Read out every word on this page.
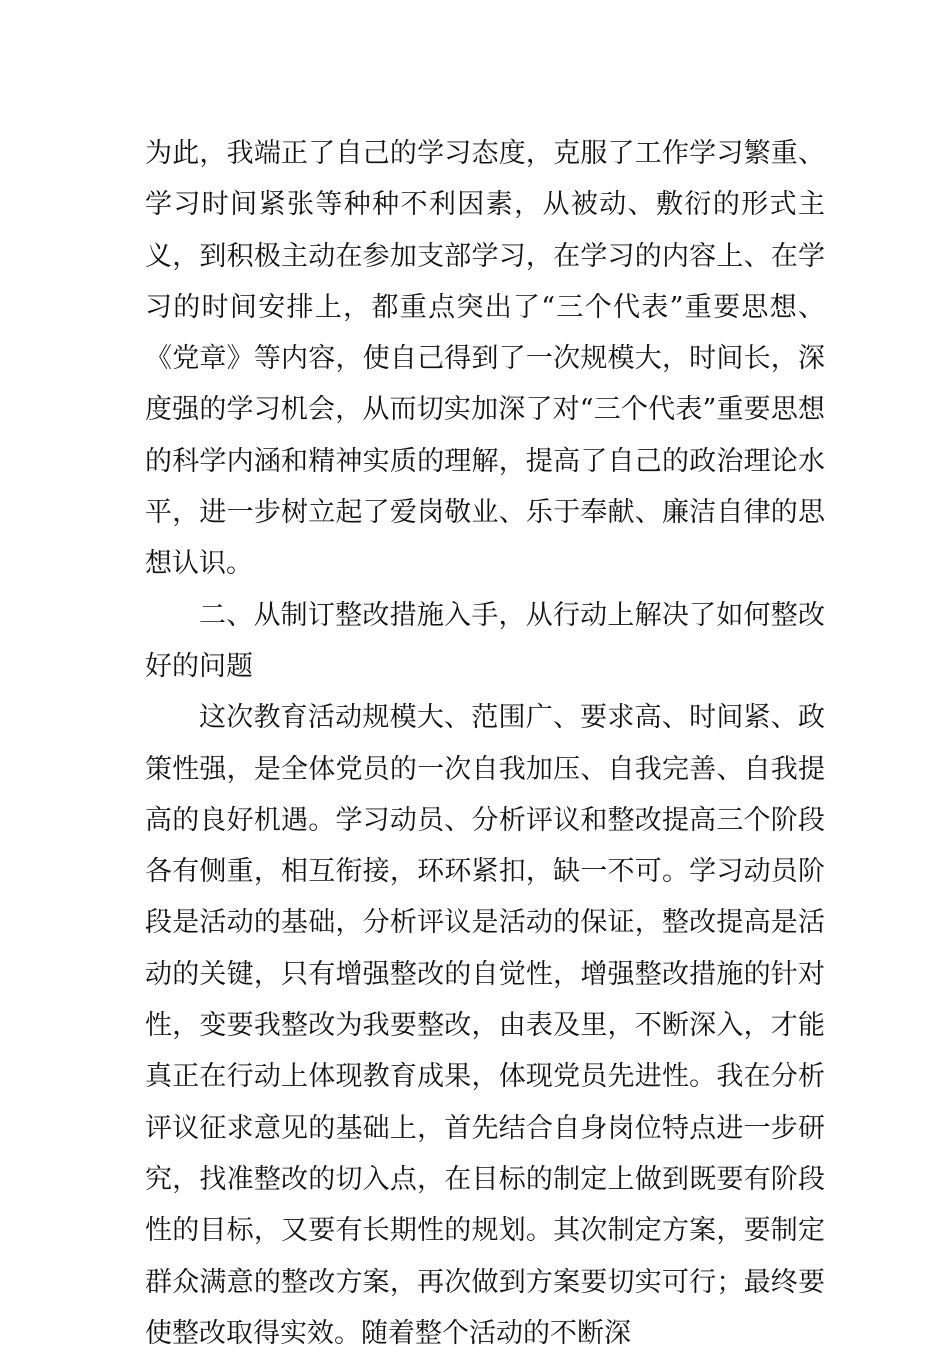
为此，我端正了自己的学习态度，克服了工作学习繁重、学习时间紧张等种种不利因素，从被动、敷衍的形式主义，到积极主动在参加支部学习，在学习的内容上、在学习的时间安排上，都重点突出了“三个代表”重要思想、《党章》等内容，使自己得到了一次规模大，时间长，深度强的学习机会，从而切实加深了对“三个代表”重要思想的科学内涵和精神实质的理解，提高了自己的政治理论水平，进一步树立起了爱岗敬业、乐于奉献、廉洁自律的思想认识。

二、从制订整改措施入手，从行动上解决了如何整改好的问题

这次教育活动规模大、范围广、要求高、时间紧、政策性强，是全体党员的一次自我加压、自我完善、自我提高的良好机遇。学习动员、分析评议和整改提高三个阶段各有侧重，相互衔接，环环紧扣，缺一不可。学习动员阶段是活动的基础，分析评议是活动的保证，整改提高是活动的关键，只有增强整改的自觉性，增强整改措施的针对性，变要我整改为我要整改，由表及里，不断深入，才能真正在行动上体现教育成果，体现党员先进性。我在分析评议征求意见的基础上，首先结合自身岗位特点进一步研究，找准整改的切入点，在目标的制定上做到既要有阶段性的目标，又要有长期性的规划。其次制定方案，要制定群众满意的整改方案，再次做到方案要切实可行；最终要使整改取得实效。随着整个活动的不断深
